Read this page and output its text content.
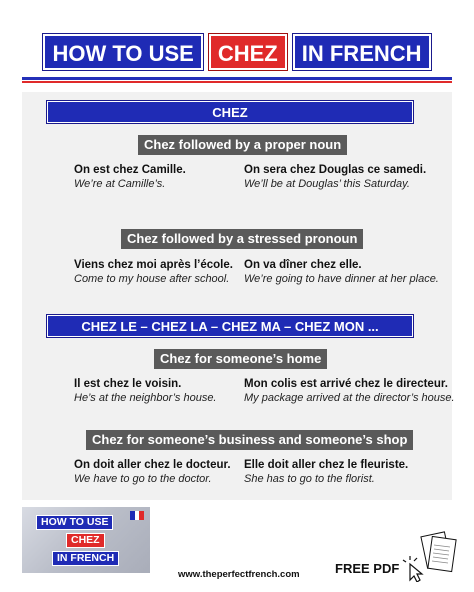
HOW TO USE	CHEZ	IN FRENCH
CHEZ
Chez followed by a proper noun
On est chez Camille.
We’re at Camille’s.
On sera chez Douglas ce samedi.
We’ll be at Douglas’ this Saturday.
Chez followed by a stressed pronoun
Viens chez moi après l’école.
Come to my house after school.
On va dîner chez elle.
We’re going to have dinner at her place.
CHEZ LE – CHEZ LA – CHEZ MA – CHEZ MON ...
Chez for someone’s home
Il est chez le voisin.
He’s at the neighbor’s house.
Mon colis est arrivé chez le directeur.
My package arrived at the director’s house.
Chez for someone’s business and someone’s shop
On doit aller chez le docteur.
We have to go to the doctor.
Elle doit aller chez le fleuriste.
She has to go to the florist.
HOW TO USE
CHEZ
IN FRENCH
www.theperfectfrench.com	FREE PDF
